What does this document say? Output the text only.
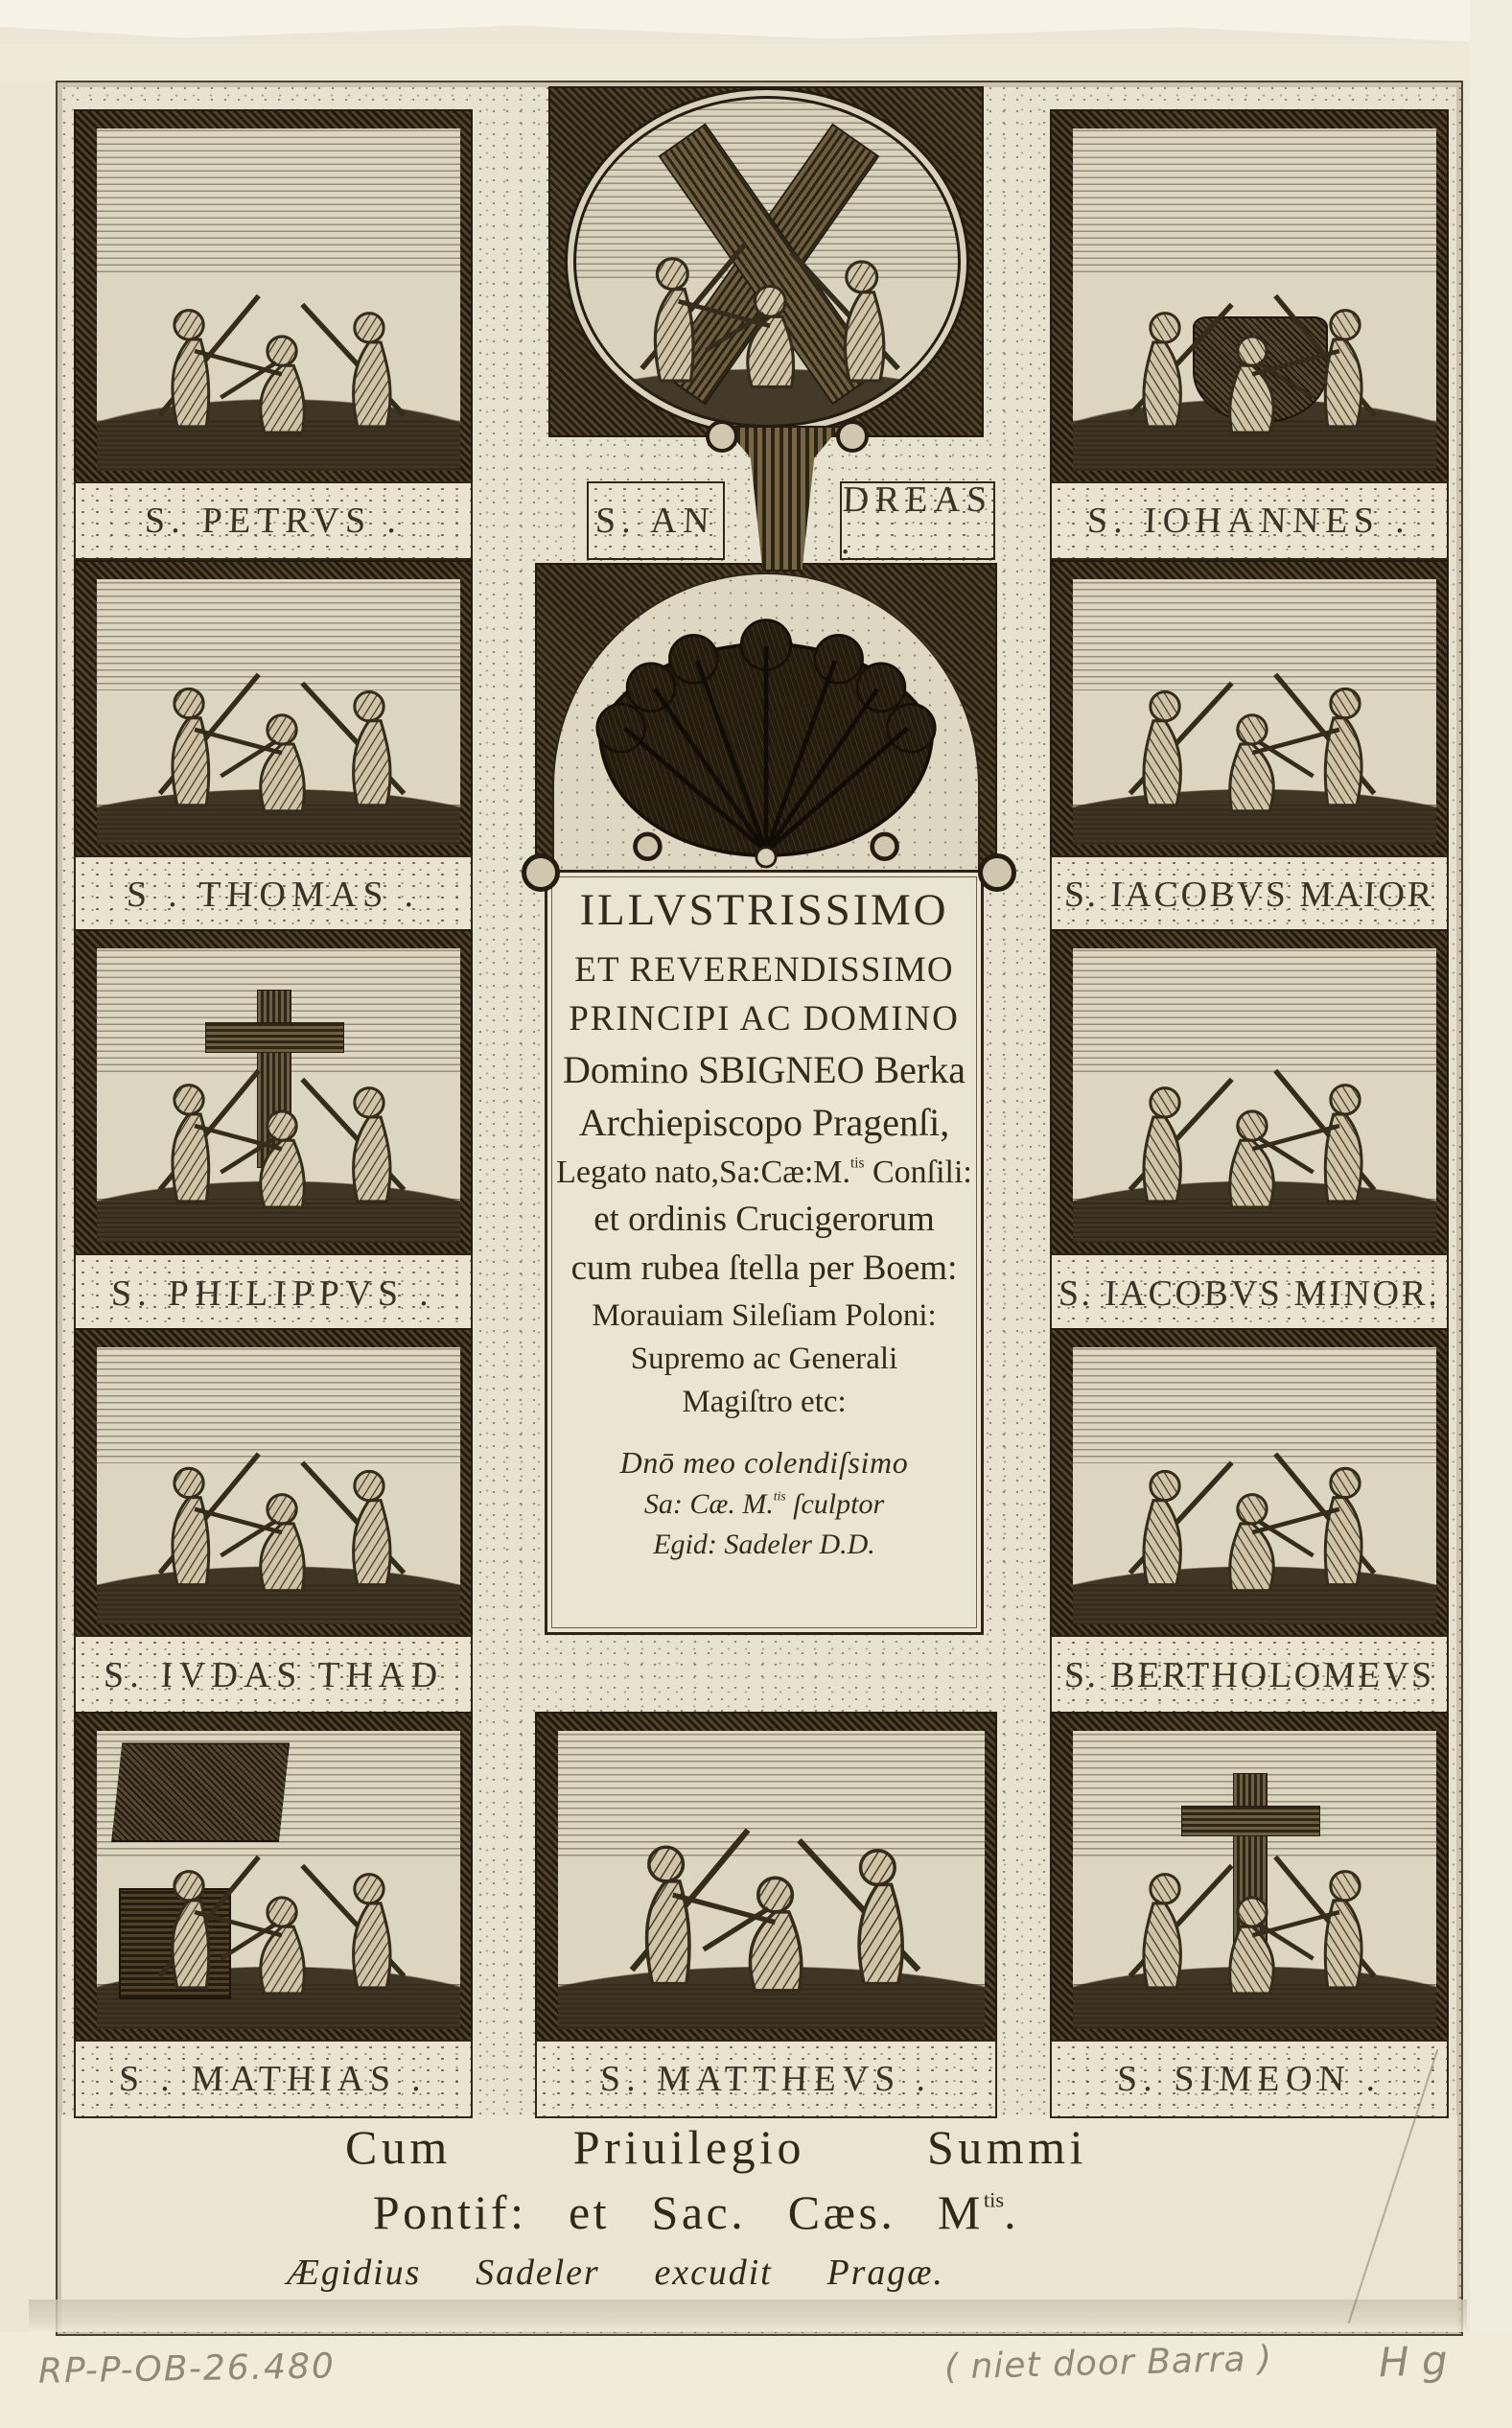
S. PETRVS .	S. AN
DREAS .
S. IOHANNES .
S . THOMAS .	S. IACOBVS MAIOR
ILLVSTRISSIMO
ET REVERENDISSIMO
PRINCIPI AC DOMINO
Domino SBIGNEO Berka
Archiepiscopo Pragenſi,
Legato nato,Sa:Cæ:M.$^{tis}$ Conſili:
et ordinis Crucigerorum
cum rubea ſtella per Boem:
Morauiam Sileſiam Poloni:
Supremo ac Generali
Magiſtro etc:
Dnō meo colendiſsimo
Sa: Cæ. M.$^{tis}$ ſculptor
Egid: Sadeler D.D.
S. PHILIPPVS .	S. IACOBVS MINOR.
S. IVDAS THAD	S. BERTHOLOMEVS
S . MATHIAS .	S. MATTHEVS .	S. SIMEON .
Cum Priuilegio Summi
Pontif: et Sac. Cæs. $M^{tis}$.
Ægidius Sadeler excudit Pragæ.
RP-P-OB-26.480	( niet door Barra )	H g
